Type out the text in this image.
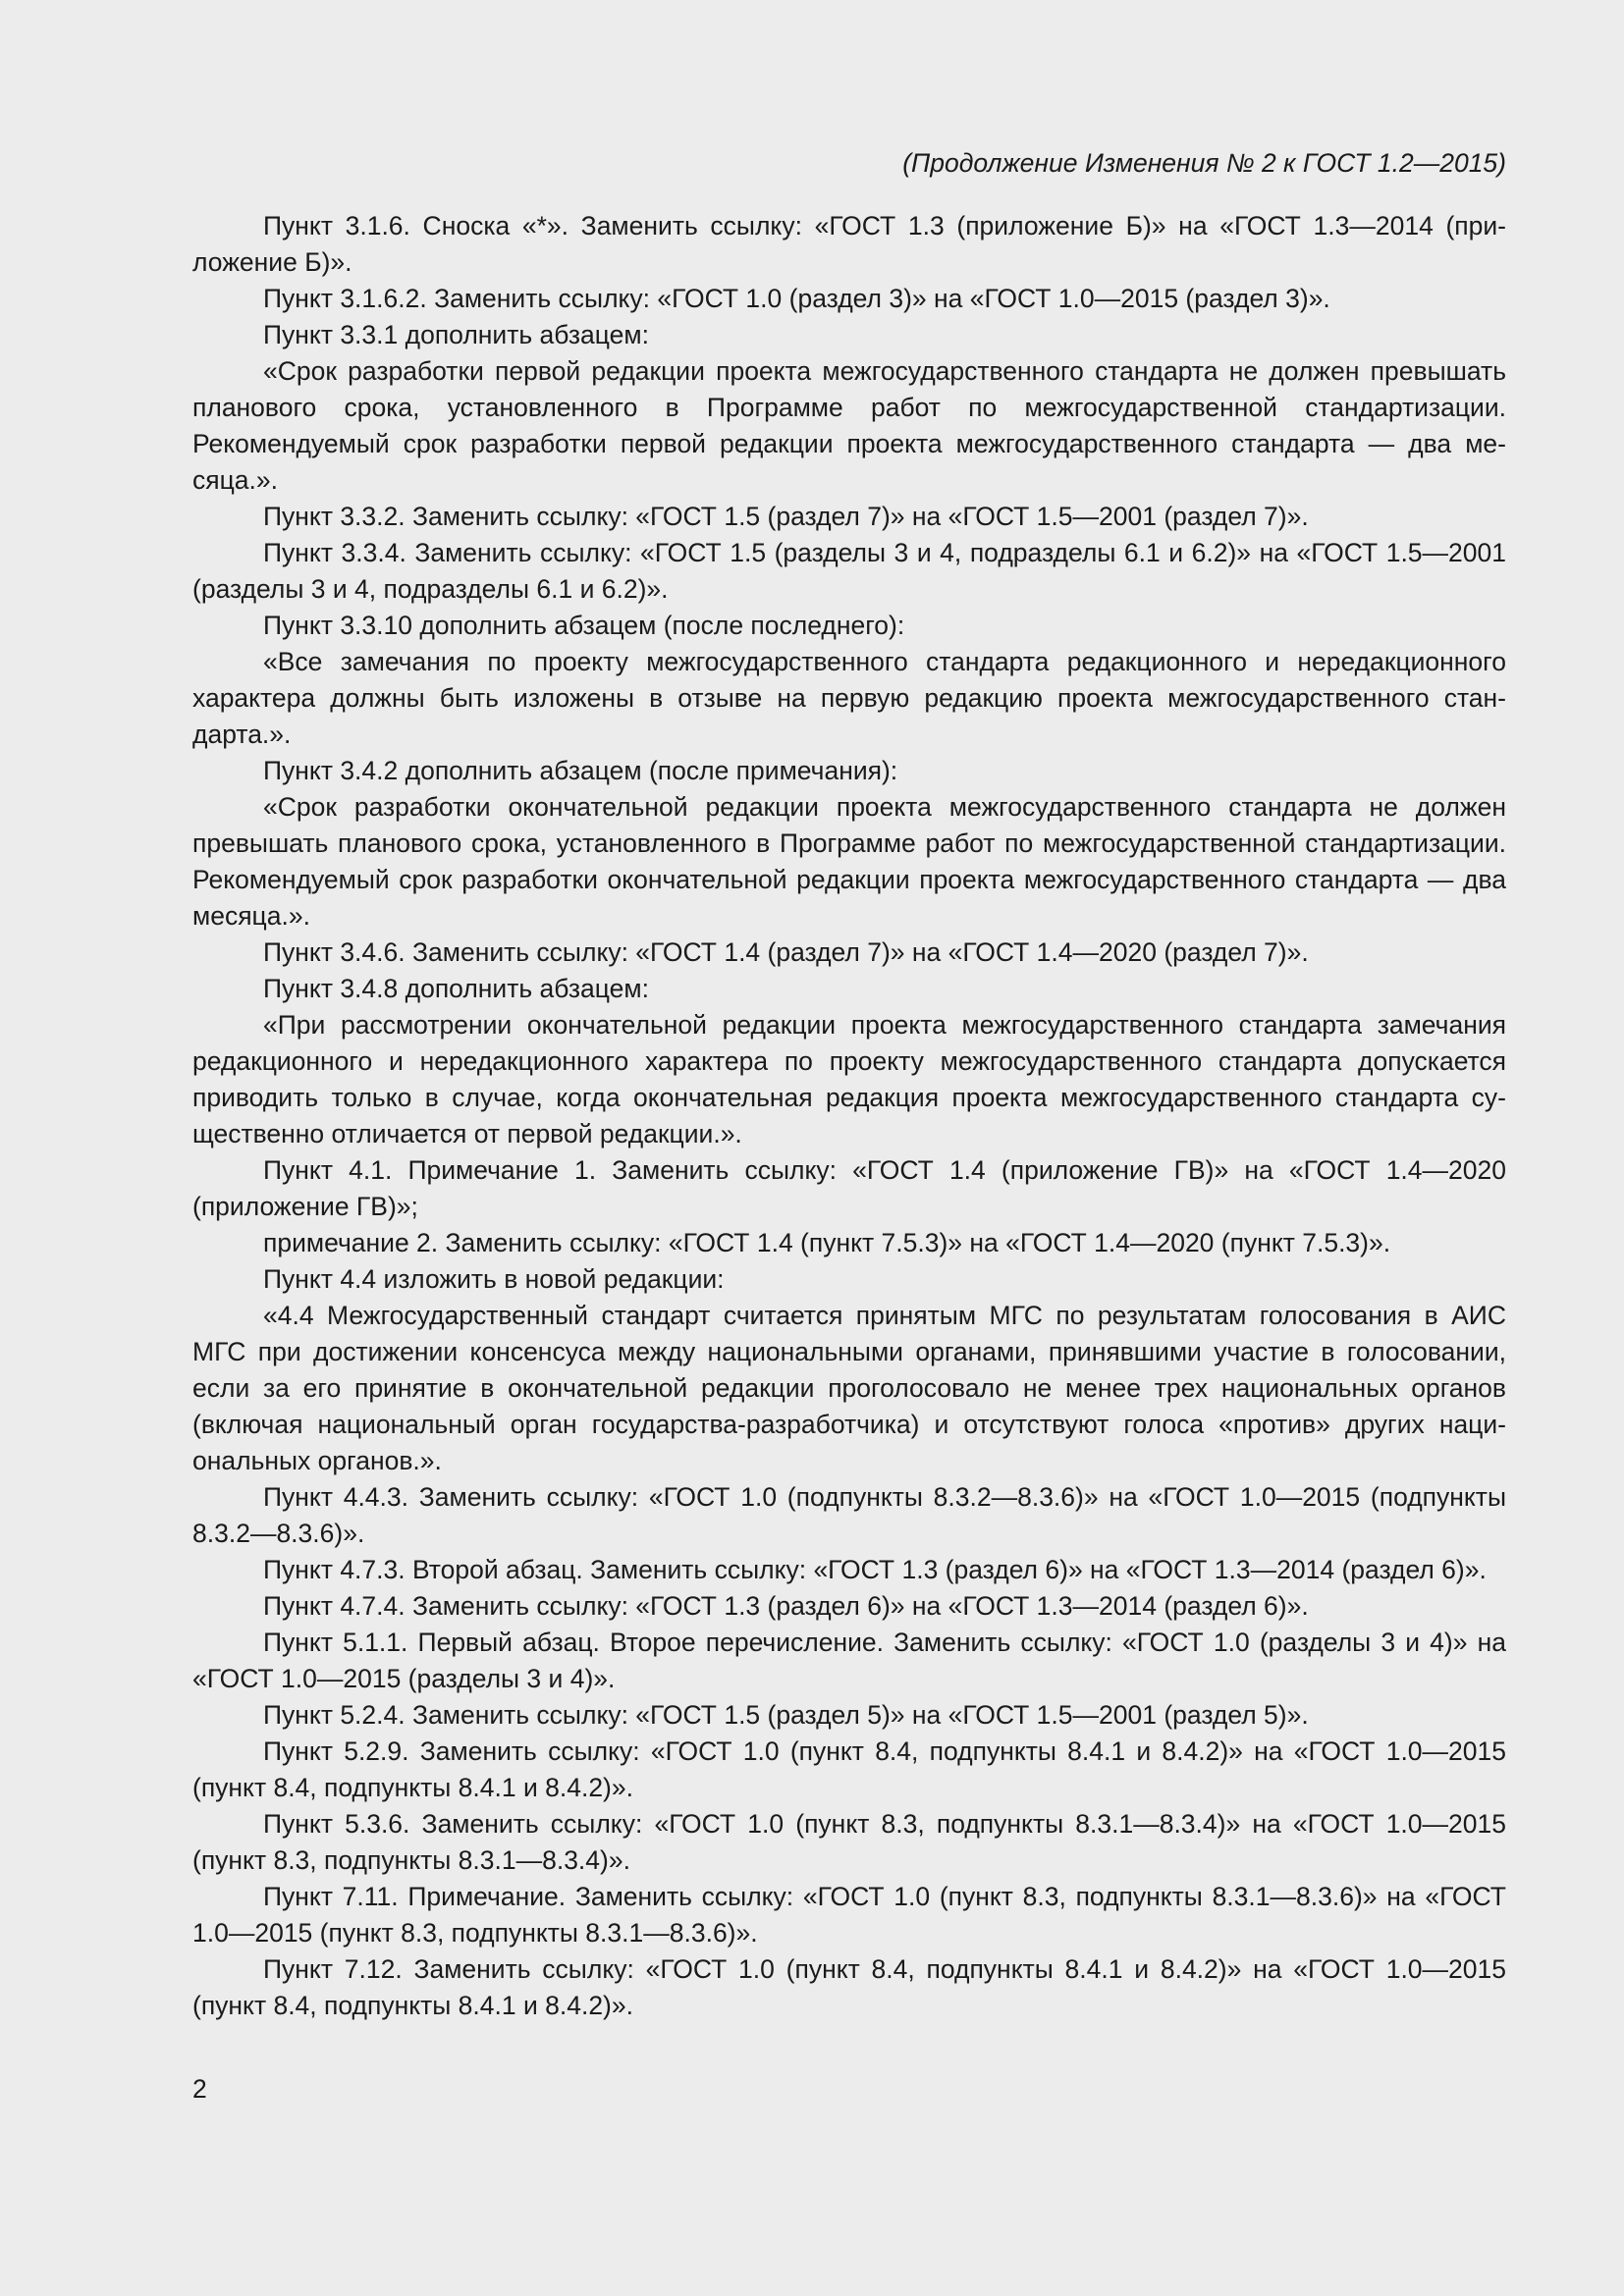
(Продолжение Изменения № 2 к ГОСТ 1.2—2015)

Пункт 3.1.6. Сноска «*». Заменить ссылку: «ГОСТ 1.3 (приложение Б)» на «ГОСТ 1.3—2014 (приложение Б)».

Пункт 3.1.6.2. Заменить ссылку: «ГОСТ 1.0 (раздел 3)» на «ГОСТ 1.0—2015 (раздел 3)».

Пункт 3.3.1 дополнить абзацем:

«Срок разработки первой редакции проекта межгосударственного стандарта не должен превышать планового срока, установленного в Программе работ по межгосударственной стандартизации. Рекомендуемый срок разработки первой редакции проекта межгосударственного стандарта — два месяца.».

Пункт 3.3.2. Заменить ссылку: «ГОСТ 1.5 (раздел 7)» на «ГОСТ 1.5—2001 (раздел 7)».

Пункт 3.3.4. Заменить ссылку: «ГОСТ 1.5 (разделы 3 и 4, подразделы 6.1 и 6.2)» на «ГОСТ 1.5—2001 (разделы 3 и 4, подразделы 6.1 и 6.2)».

Пункт 3.3.10 дополнить абзацем (после последнего):

«Все замечания по проекту межгосударственного стандарта редакционного и нередакционного характера должны быть изложены в отзыве на первую редакцию проекта межгосударственного стандарта.».

Пункт 3.4.2 дополнить абзацем (после примечания):

«Срок разработки окончательной редакции проекта межгосударственного стандарта не должен превышать планового срока, установленного в Программе работ по межгосударственной стандартизации. Рекомендуемый срок разработки окончательной редакции проекта межгосударственного стандарта — два месяца.».

Пункт 3.4.6. Заменить ссылку: «ГОСТ 1.4 (раздел 7)» на «ГОСТ 1.4—2020 (раздел 7)».

Пункт 3.4.8 дополнить абзацем:

«При рассмотрении окончательной редакции проекта межгосударственного стандарта замечания редакционного и нередакционного характера по проекту межгосударственного стандарта допускается приводить только в случае, когда окончательная редакция проекта межгосударственного стандарта существенно отличается от первой редакции.».

Пункт 4.1. Примечание 1. Заменить ссылку: «ГОСТ 1.4 (приложение ГВ)» на «ГОСТ 1.4—2020 (приложение ГВ)»;

примечание 2. Заменить ссылку: «ГОСТ 1.4 (пункт 7.5.3)» на «ГОСТ 1.4—2020 (пункт 7.5.3)».

Пункт 4.4 изложить в новой редакции:

«4.4 Межгосударственный стандарт считается принятым МГС по результатам голосования в АИС МГС при достижении консенсуса между национальными органами, принявшими участие в голосовании, если за его принятие в окончательной редакции проголосовало не менее трех национальных органов (включая национальный орган государства-разработчика) и отсутствуют голоса «против» других национальных органов.».

Пункт 4.4.3. Заменить ссылку: «ГОСТ 1.0 (подпункты 8.3.2—8.3.6)» на «ГОСТ 1.0—2015 (подпункты 8.3.2—8.3.6)».

Пункт 4.7.3. Второй абзац. Заменить ссылку: «ГОСТ 1.3 (раздел 6)» на «ГОСТ 1.3—2014 (раздел 6)».

Пункт 4.7.4. Заменить ссылку: «ГОСТ 1.3 (раздел 6)» на «ГОСТ 1.3—2014 (раздел 6)».

Пункт 5.1.1. Первый абзац. Второе перечисление. Заменить ссылку: «ГОСТ 1.0 (разделы 3 и 4)» на «ГОСТ 1.0—2015 (разделы 3 и 4)».

Пункт 5.2.4. Заменить ссылку: «ГОСТ 1.5 (раздел 5)» на «ГОСТ 1.5—2001 (раздел 5)».

Пункт 5.2.9. Заменить ссылку: «ГОСТ 1.0 (пункт 8.4, подпункты 8.4.1 и 8.4.2)» на «ГОСТ 1.0—2015 (пункт 8.4, подпункты 8.4.1 и 8.4.2)».

Пункт 5.3.6. Заменить ссылку: «ГОСТ 1.0 (пункт 8.3, подпункты 8.3.1—8.3.4)» на «ГОСТ 1.0—2015 (пункт 8.3, подпункты 8.3.1—8.3.4)».

Пункт 7.11. Примечание. Заменить ссылку: «ГОСТ 1.0 (пункт 8.3, подпункты 8.3.1—8.3.6)» на «ГОСТ 1.0—2015 (пункт 8.3, подпункты 8.3.1—8.3.6)».

Пункт 7.12. Заменить ссылку: «ГОСТ 1.0 (пункт 8.4, подпункты 8.4.1 и 8.4.2)» на «ГОСТ 1.0—2015 (пункт 8.4, подпункты 8.4.1 и 8.4.2)».

2
